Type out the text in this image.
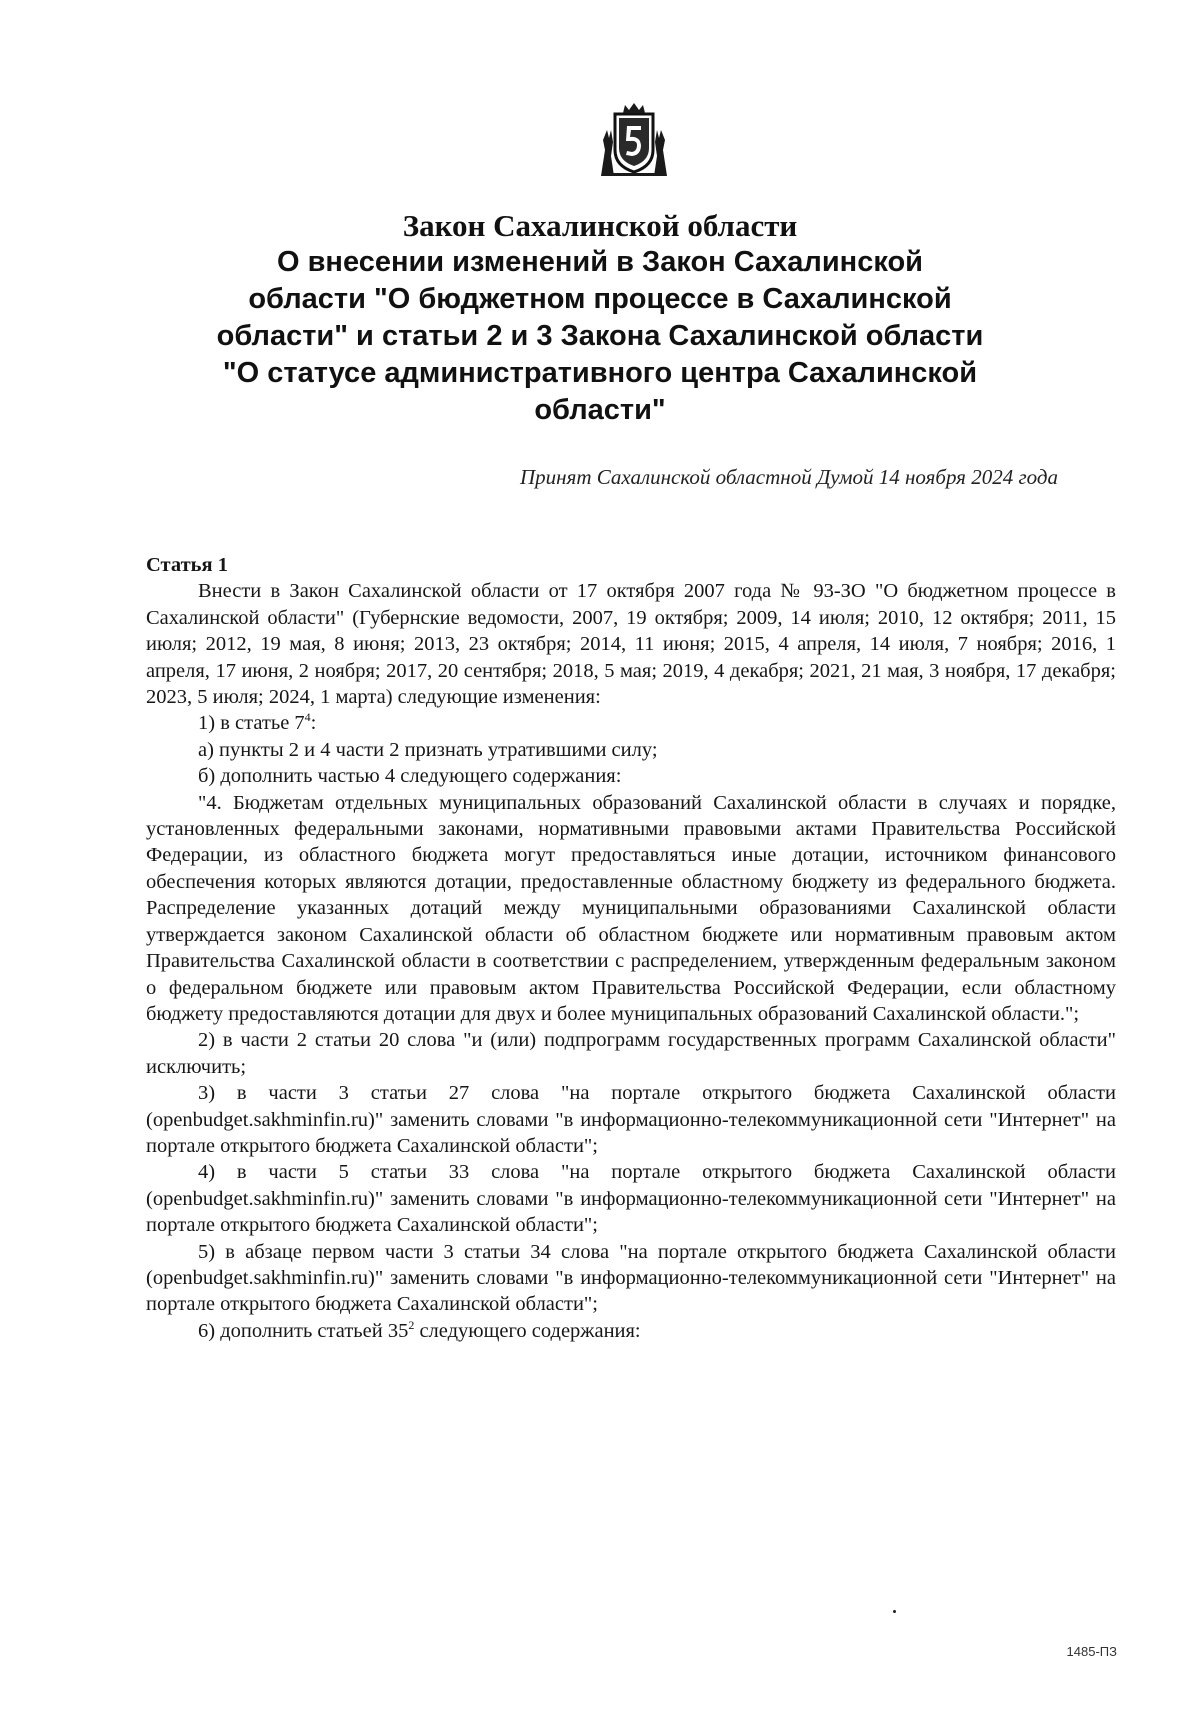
Закон Сахалинской области
О внесении изменений в Закон Сахалинской
области "О бюджетном процессе в Сахалинской
области" и статьи 2 и 3 Закона Сахалинской области
"О статусе административного центра Сахалинской
области"
Принят Сахалинской областной Думой 14 ноября 2024 года

Статья 1

Внести в Закон Сахалинской области от 17 октября 2007 года № 93-ЗО "О бюджетном процессе в Сахалинской области" (Губернские ведомости, 2007, 19 октября; 2009, 14 июля; 2010, 12 октября; 2011, 15 июля; 2012, 19 мая, 8 июня; 2013, 23 октября; 2014, 11 июня; 2015, 4 апреля, 14 июля, 7 ноября; 2016, 1 апреля, 17 июня, 2 ноября; 2017, 20 сентября; 2018, 5 мая; 2019, 4 декабря; 2021, 21 мая, 3 ноября, 17 декабря; 2023, 5 июля; 2024, 1 марта) следующие изменения:

1) в статье $7^4$:

а) пункты 2 и 4 части 2 признать утратившими силу;

б) дополнить частью 4 следующего содержания:

"4. Бюджетам отдельных муниципальных образований Сахалинской области в случаях и порядке, установленных федеральными законами, нормативными правовыми актами Правительства Российской Федерации, из областного бюджета могут предоставляться иные дотации, источником финансового обеспечения которых являются дотации, предоставленные областному бюджету из федерального бюджета. Распределение указанных дотаций между муниципальными образованиями Сахалинской области утверждается законом Сахалинской области об областном бюджете или нормативным правовым актом Правительства Сахалинской области в соответствии с распределением, утвержденным федеральным законом о федеральном бюджете или правовым актом Правительства Российской Федерации, если областному бюджету предоставляются дотации для двух и более муниципальных образований Сахалинской области.";

2) в части 2 статьи 20 слова "и (или) подпрограмм государственных программ Сахалинской области" исключить;

3) в части 3 статьи 27 слова "на портале открытого бюджета Сахалинской области (openbudget.sakhminfin.ru)" заменить словами "в информационно-телекоммуникационной сети "Интернет" на портале открытого бюджета Сахалинской области";

4) в части 5 статьи 33 слова "на портале открытого бюджета Сахалинской области (openbudget.sakhminfin.ru)" заменить словами "в информационно-телекоммуникационной сети "Интернет" на портале открытого бюджета Сахалинской области";

5) в абзаце первом части 3 статьи 34 слова "на портале открытого бюджета Сахалинской области (openbudget.sakhminfin.ru)" заменить словами "в информационно-телекоммуникационной сети "Интернет" на портале открытого бюджета Сахалинской области";

6) дополнить статьей $35^2$ следующего содержания:

1485-ПЗ
